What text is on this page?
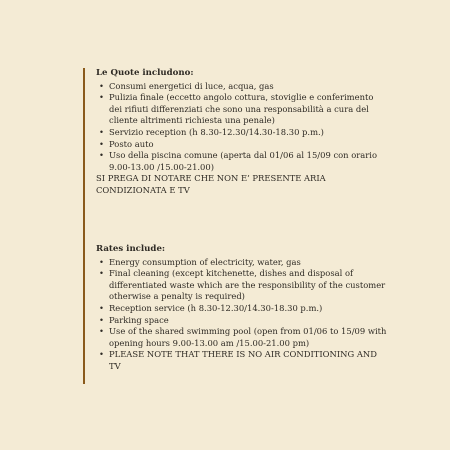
Le Quote includono:
• Consumi energetici di luce, acqua, gas
• Pulizia finale (eccetto angolo cottura, stoviglie e conferimento dei rifiuti differenziati che sono una responsabilità a cura del cliente altrimenti richiesta una penale)
• Servizio reception (h 8.30-12.30/14.30-18.30 p.m.)
• Posto auto
• Uso della piscina comune (aperta dal 01/06 al 15/09 con orario 9.00-13.00 /15.00-21.00)

SI PREGA DI NOTARE CHE NON E’ PRESENTE ARIA CONDIZIONATA E TV

Rates include:
• Energy consumption of electricity, water, gas
• Final cleaning (except kitchenette, dishes and disposal of differentiated waste which are the responsibility of the customer otherwise a penalty is required)
• Reception service (h 8.30-12.30/14.30-18.30 p.m.)
• Parking space
• Use of the shared swimming pool (open from 01/06 to 15/09 with opening hours 9.00-13.00 am /15.00-21.00 pm)
• PLEASE NOTE THAT THERE IS NO AIR CONDITIONING AND TV
